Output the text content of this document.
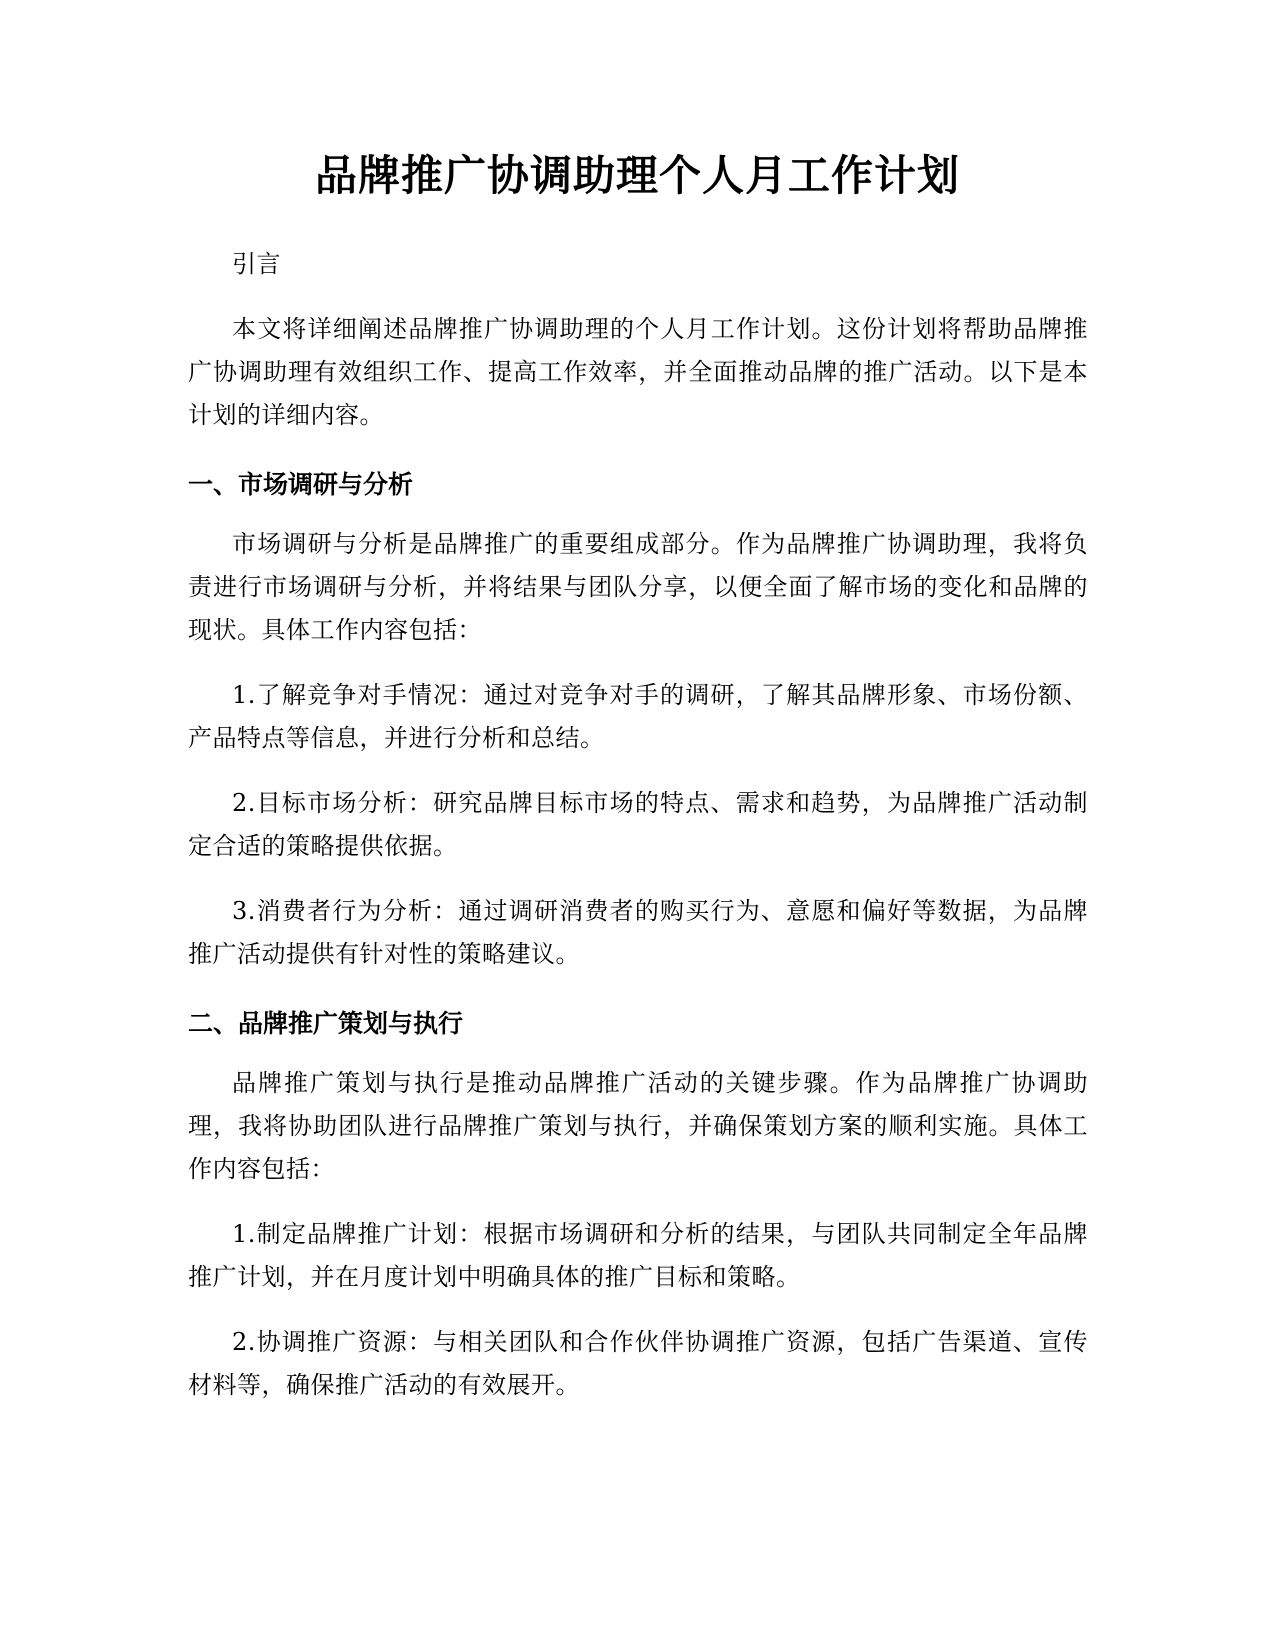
品牌推广协调助理个人月工作计划

引言

本文将详细阐述品牌推广协调助理的个人月工作计划。这份计划将帮助品牌推广协调助理有效组织工作、提高工作效率，并全面推动品牌的推广活动。以下是本计划的详细内容。

一、市场调研与分析

市场调研与分析是品牌推广的重要组成部分。作为品牌推广协调助理，我将负责进行市场调研与分析，并将结果与团队分享，以便全面了解市场的变化和品牌的现状。具体工作内容包括：

1.了解竞争对手情况：通过对竞争对手的调研，了解其品牌形象、市场份额、产品特点等信息，并进行分析和总结。

2.目标市场分析：研究品牌目标市场的特点、需求和趋势，为品牌推广活动制定合适的策略提供依据。

3.消费者行为分析：通过调研消费者的购买行为、意愿和偏好等数据，为品牌推广活动提供有针对性的策略建议。

二、品牌推广策划与执行

品牌推广策划与执行是推动品牌推广活动的关键步骤。作为品牌推广协调助理，我将协助团队进行品牌推广策划与执行，并确保策划方案的顺利实施。具体工作内容包括：

1.制定品牌推广计划：根据市场调研和分析的结果，与团队共同制定全年品牌推广计划，并在月度计划中明确具体的推广目标和策略。

2.协调推广资源：与相关团队和合作伙伴协调推广资源，包括广告渠道、宣传材料等，确保推广活动的有效展开。
